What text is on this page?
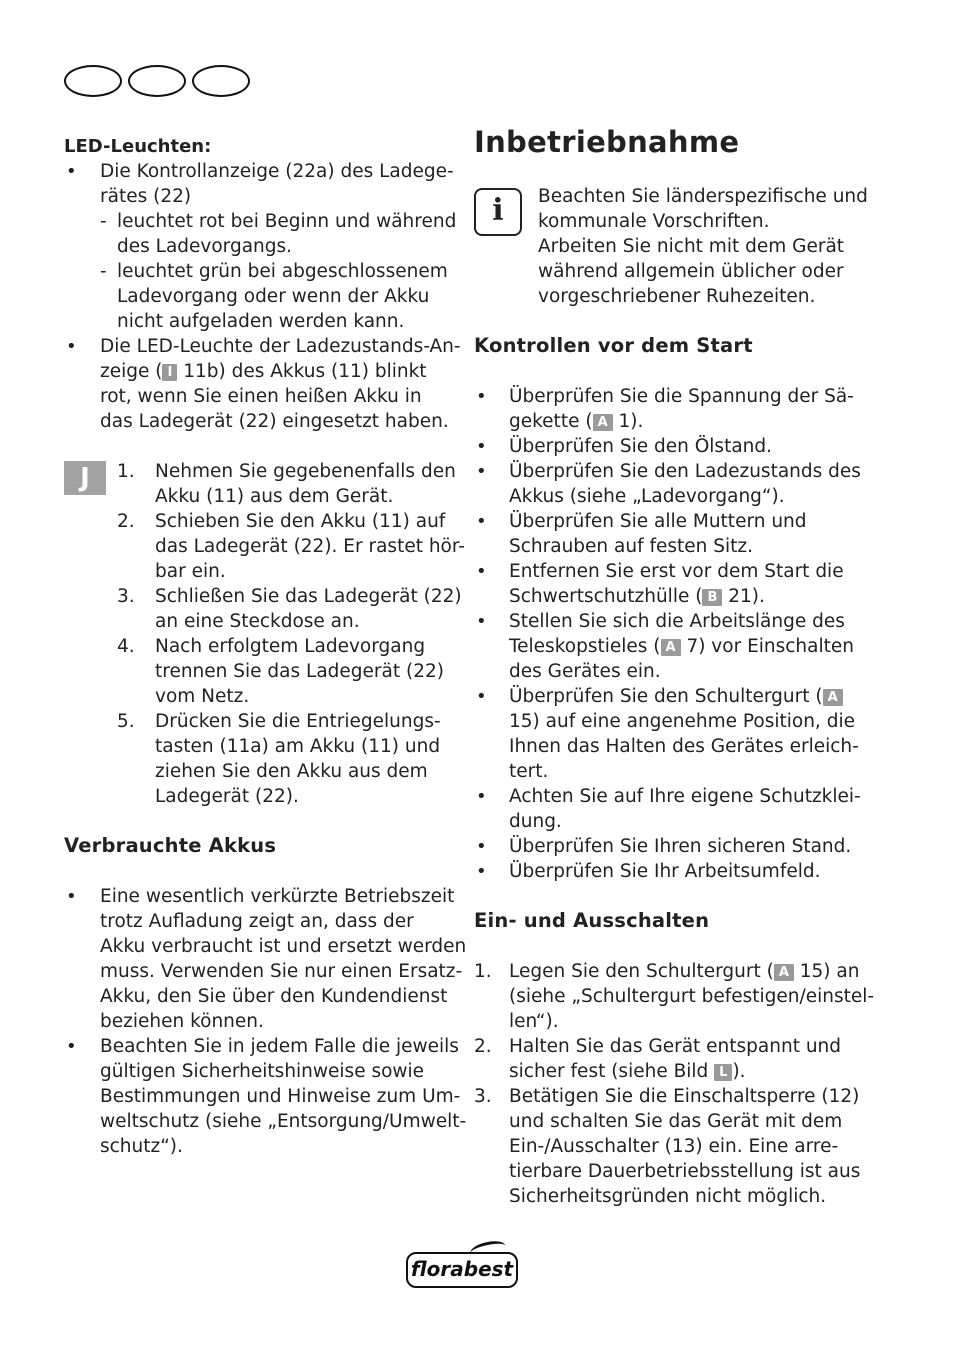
LED-Leuchten:
• Die Kontrollanzeige (22a) des Ladege-
rätes (22)
- leuchtet rot bei Beginn und während
des Ladevorgangs.
- leuchtet grün bei abgeschlossenem
Ladevorgang oder wenn der Akku
nicht aufgeladen werden kann.
• Die LED-Leuchte der Ladezustands-An-
zeige ( I 11b) des Akkus (11) blinkt
rot, wenn Sie einen heißen Akku in
das Ladegerät (22) eingesetzt haben.
J	1. Nehmen Sie gegebenenfalls den
Akku (11) aus dem Gerät.
2. Schieben Sie den Akku (11) auf
das Ladegerät (22). Er rastet hör-
bar ein.
3. Schließen Sie das Ladegerät (22)
an eine Steckdose an.
4. Nach erfolgtem Ladevorgang
trennen Sie das Ladegerät (22)
vom Netz.
5. Drücken Sie die Entriegelungs-
tasten (11a) am Akku (11) und
ziehen Sie den Akku aus dem
Ladegerät (22).
Verbrauchte Akkus
• Eine wesentlich verkürzte Betriebszeit
trotz Aufladung zeigt an, dass der
Akku verbraucht ist und ersetzt werden
muss. Verwenden Sie nur einen Ersatz-
Akku, den Sie über den Kundendienst
beziehen können.
• Beachten Sie in jedem Falle die jeweils
gültigen Sicherheitshinweise sowie
Bestimmungen und Hinweise zum Um-
weltschutz (siehe „Entsorgung/Umwelt-
schutz“).
Inbetriebnahme
i	Beachten Sie länderspezifische und
kommunale Vorschriften.
Arbeiten Sie nicht mit dem Gerät
während allgemein üblicher oder
vorgeschriebener Ruhezeiten.
Kontrollen vor dem Start
• Überprüfen Sie die Spannung der Sä-
gekette ( A 1).
• Überprüfen Sie den Ölstand.
• Überprüfen Sie den Ladezustands des
Akkus (siehe „Ladevorgang“).
• Überprüfen Sie alle Muttern und
Schrauben auf festen Sitz.
• Entfernen Sie erst vor dem Start die
Schwertschutzhülle ( B 21).
• Stellen Sie sich die Arbeitslänge des
Teleskopstieles ( A 7) vor Einschalten
des Gerätes ein.
• Überprüfen Sie den Schultergurt ( A
15) auf eine angenehme Position, die
Ihnen das Halten des Gerätes erleich-
tert.
• Achten Sie auf Ihre eigene Schutzklei-
dung.
• Überprüfen Sie Ihren sicheren Stand.
• Überprüfen Sie Ihr Arbeitsumfeld.
Ein- und Ausschalten
1. Legen Sie den Schultergurt ( A 15) an
(siehe „Schultergurt befestigen/einstel-
len“).
2. Halten Sie das Gerät entspannt und
sicher fest (siehe Bild L ).
3. Betätigen Sie die Einschaltsperre (12)
und schalten Sie das Gerät mit dem
Ein-/Ausschalter (13) ein. Eine arre-
tierbare Dauerbetriebsstellung ist aus
Sicherheitsgründen nicht möglich.
florabest
